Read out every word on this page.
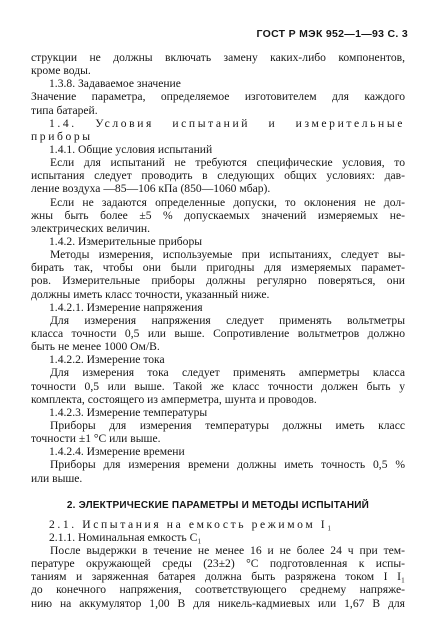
ГОСТ Р МЭК 952—1—93 С. 3
струкции не должны включать замену каких-либо компонентов,
кроме воды.
1.3.8. Задаваемое значение
Значение параметра, определяемое изготовителем для каждого
типа батарей.
1.4. Условия испытаний и измерительные
приборы
1.4.1. Общие условия испытаний
Если для испытаний не требуются специфические условия, то
испытания следует проводить в следующих общих условиях: дав-
ление воздуха —85—106 кПа (850—1060 мбар).
Если не задаются определенные допуски, то оклонения не дол-
жны быть более ±5 % допускаемых значений измеряемых не-
электрических величин.
1.4.2. Измерительные приборы
Методы измерения, используемые при испытаниях, следует вы-
бирать так, чтобы они были пригодны для измеряемых парамет-
ров. Измерительные приборы должны регулярно поверяться, они
должны иметь класс точности, указанный ниже.
1.4.2.1. Измерение напряжения
Для измерения напряжения следует применять вольтметры
класса точности 0,5 или выше. Сопротивление вольтметров должно
быть не менее 1000 Ом/В.
1.4.2.2. Измерение тока
Для измерения тока следует применять амперметры класса
точности 0,5 или выше. Такой же класс точности должен быть у
комплекта, состоящего из амперметра, шунта и проводов.
1.4.2.3. Измерение температуры
Приборы для измерения температуры должны иметь класс
точности ±1 °С или выше.
1.4.2.4. Измерение времени
Приборы для измерения времени должны иметь точность 0,5 %
или выше.
2. ЭЛЕКТРИЧЕСКИЕ ПАРАМЕТРЫ И МЕТОДЫ ИСПЫТАНИЙ
2.1. Испытания на емкость режимом I₁
2.1.1. Номинальная емкость C₁
После выдержки в течение не менее 16 и не более 24 ч при тем-
пературе окружающей среды (23±2) °С подготовленная к испы-
таниям и заряженная батарея должна быть разряжена током I I₁
до конечного напряжения, соответствующего среднему напряже-
нию на аккумулятор 1,00 В для никель-кадмиевых или 1,67 В для
